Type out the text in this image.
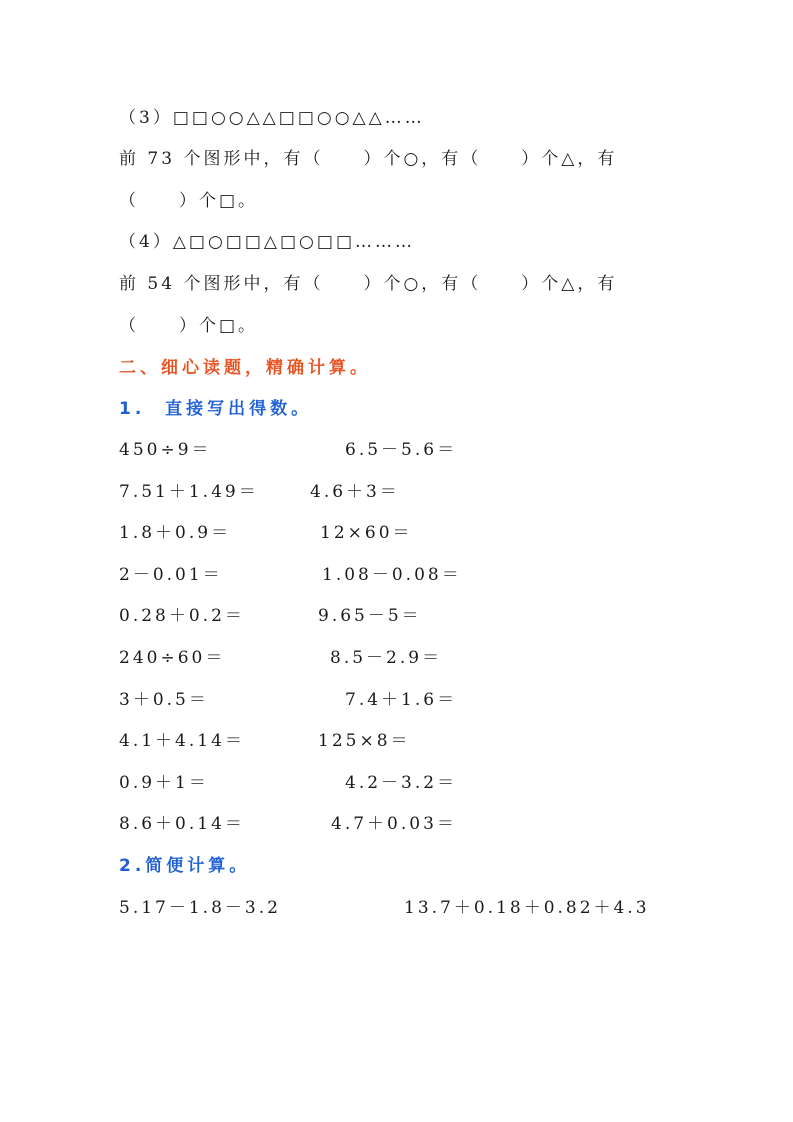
（3）□□○○△△□□○○△△……
前 73 个图形中，有（　　）个○，有（　　）个△，有
（　　）个□。
（4）△□○□□△□○□□………
前 54 个图形中，有（　　）个○，有（　　）个△，有
（　　）个□。
二、细心读题，精确计算。
1.  直接写出得数。
450÷9＝	6.5－5.6＝
7.51＋1.49＝	4.6＋3＝
1.8＋0.9＝	12×60＝
2－0.01＝	1.08－0.08＝
0.28＋0.2＝	9.65－5＝
240÷60＝	8.5－2.9＝
3＋0.5＝	7.4＋1.6＝
4.1＋4.14＝	125×8＝
0.9＋1＝	4.2－3.2＝
8.6＋0.14＝	4.7＋0.03＝
2.简便计算。
5.17－1.8－3.2	13.7＋0.18＋0.82＋4.3
